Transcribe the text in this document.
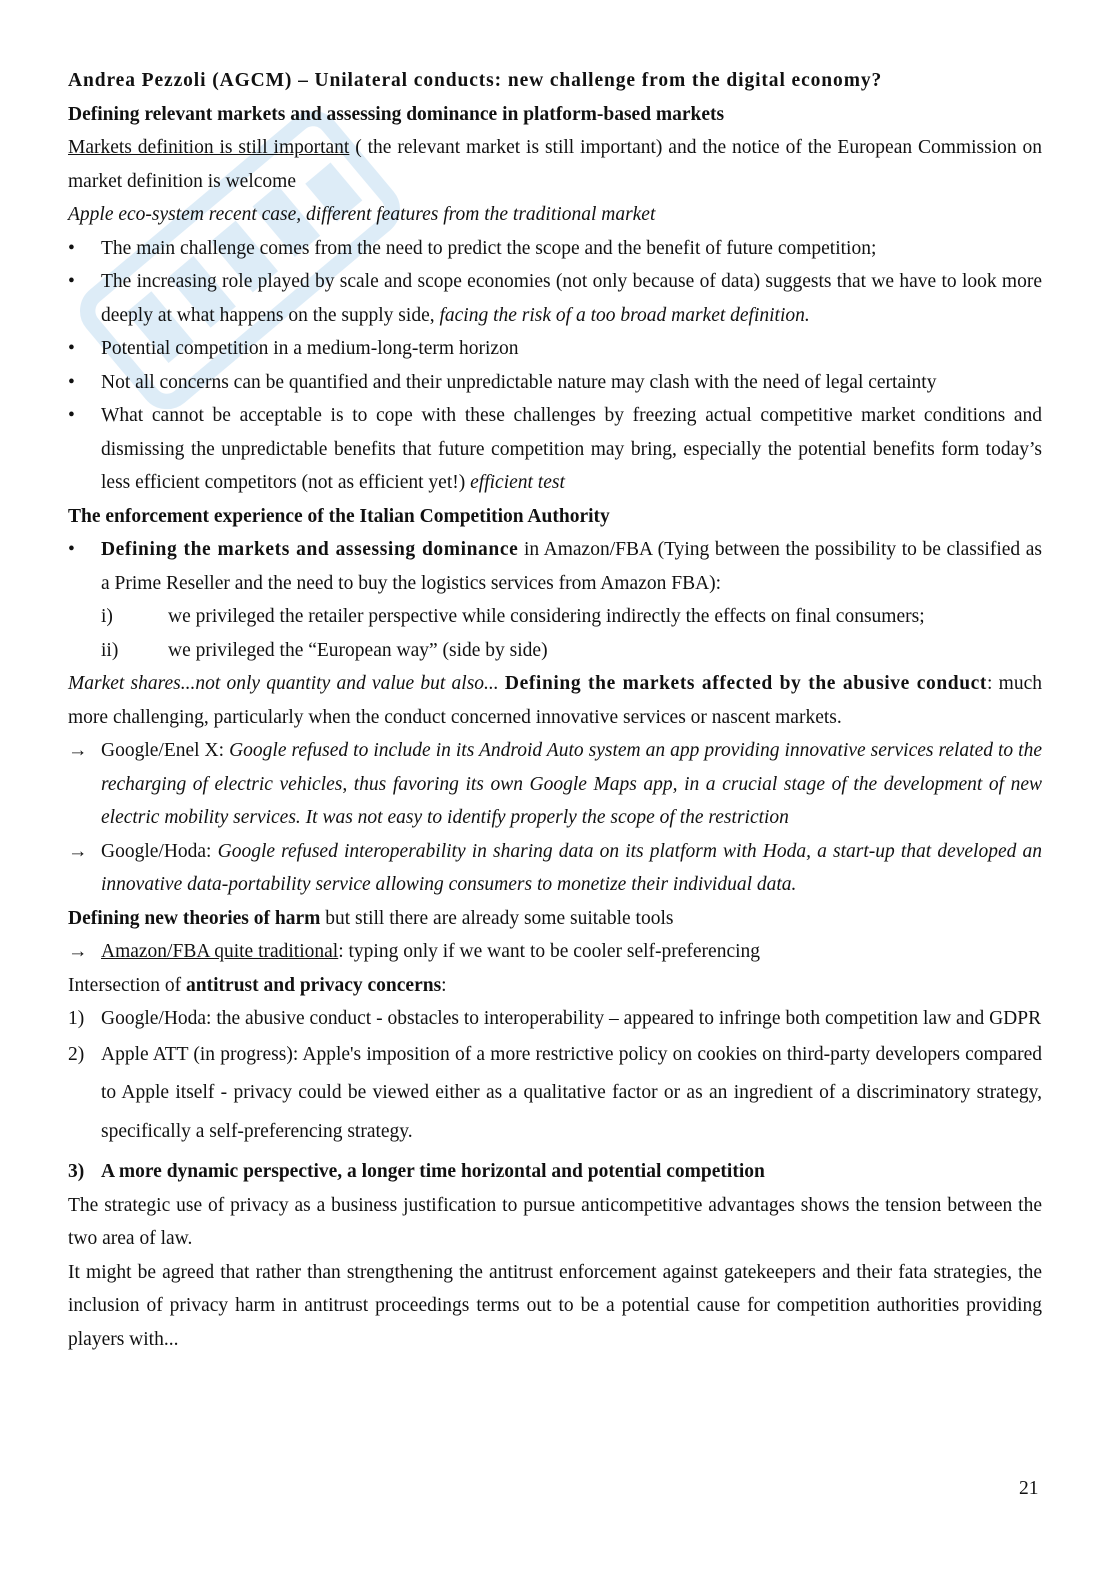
Andrea Pezzoli (AGCM) – Unilateral conducts: new challenge from the digital economy?

Defining relevant markets and assessing dominance in platform-based markets

Markets definition is still important ( the relevant market is still important) and the notice of the European Commission on market definition is welcome

Apple eco-system recent case, different features from the traditional market

•	The main challenge comes from the need to predict the scope and the benefit of future competition;
•	The increasing role played by scale and scope economies (not only because of data) suggests that we have to look more deeply at what happens on the supply side, facing the risk of a too broad market definition.
•	Potential competition in a medium-long-term horizon
•	Not all concerns can be quantified and their unpredictable nature may clash with the need of legal certainty
•	What cannot be acceptable is to cope with these challenges by freezing actual competitive market conditions and dismissing the unpredictable benefits that future competition may bring, especially the potential benefits form today’s less efficient competitors (not as efficient yet!) efficient test

The enforcement experience of the Italian Competition Authority

•	Defining the markets and assessing dominance in Amazon/FBA (Tying between the possibility to be classified as a Prime Reseller and the need to buy the logistics services from Amazon FBA):
i)	we privileged the retailer perspective while considering indirectly the effects on final consumers;
ii)	we privileged the “European way” (side by side)

Market shares...not only quantity and value but also... Defining the markets affected by the abusive conduct: much more challenging, particularly when the conduct concerned innovative services or nascent markets.

→ Google/Enel X: Google refused to include in its Android Auto system an app providing innovative services related to the recharging of electric vehicles, thus favoring its own Google Maps app, in a crucial stage of the development of new electric mobility services. It was not easy to identify properly the scope of the restriction
→ Google/Hoda: Google refused interoperability in sharing data on its platform with Hoda, a start-up that developed an innovative data-portability service allowing consumers to monetize their individual data.

Defining new theories of harm but still there are already some suitable tools

→ Amazon/FBA quite traditional: typing only if we want to be cooler self-preferencing

Intersection of antitrust and privacy concerns:

1) Google/Hoda: the abusive conduct - obstacles to interoperability – appeared to infringe both competition law and GDPR
2) Apple ATT (in progress): Apple's imposition of a more restrictive policy on cookies on third-party developers compared to Apple itself - privacy could be viewed either as a qualitative factor or as an ingredient of a discriminatory strategy, specifically a self-preferencing strategy.

3) A more dynamic perspective, a longer time horizontal and potential competition

The strategic use of privacy as a business justification to pursue anticompetitive advantages shows the tension between the two area of law.

It might be agreed that rather than strengthening the antitrust enforcement against gatekeepers and their fata strategies, the inclusion of privacy harm in antitrust proceedings terms out to be a potential cause for competition authorities providing players with...

21
